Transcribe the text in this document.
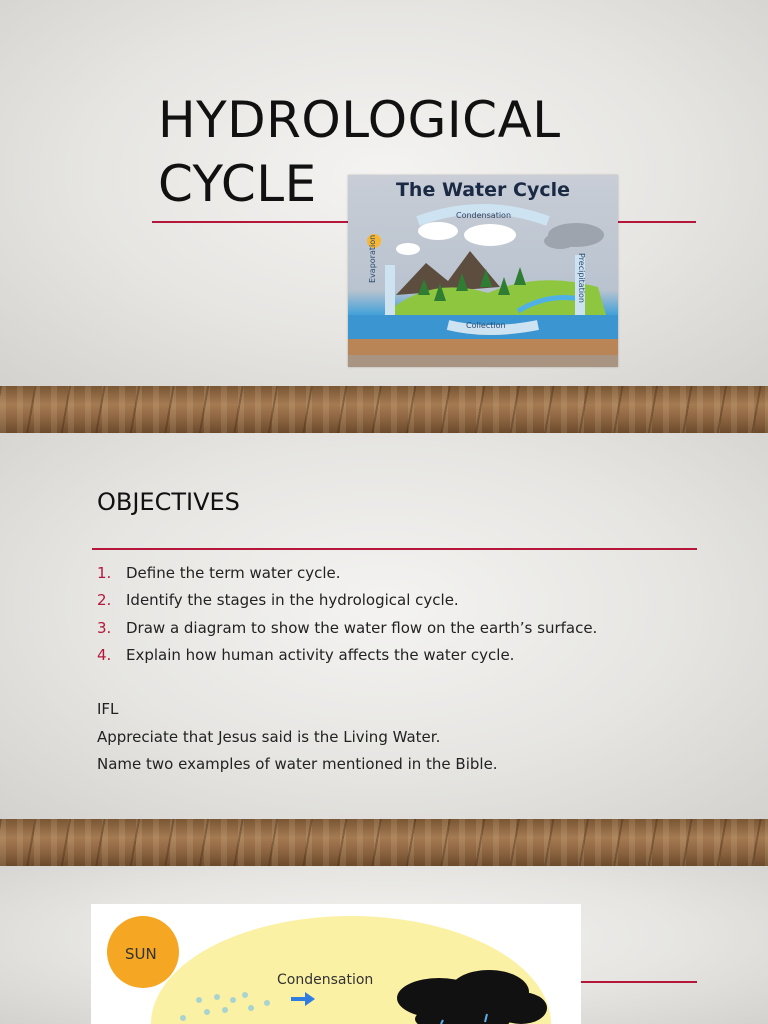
HYDROLOGICAL
CYCLE	The Water Cycle
Condensation
Evaporation	Precipitation
Collection
OBJECTIVES
1. Define the term water cycle.
2. Identify the stages in the hydrological cycle.
3. Draw a diagram to show the water flow on the earth’s surface.
4. Explain how human activity affects the water cycle.
IFL
Appreciate that Jesus said is the Living Water.
Name two examples of water mentioned in the Bible.
SUN
Condensation
